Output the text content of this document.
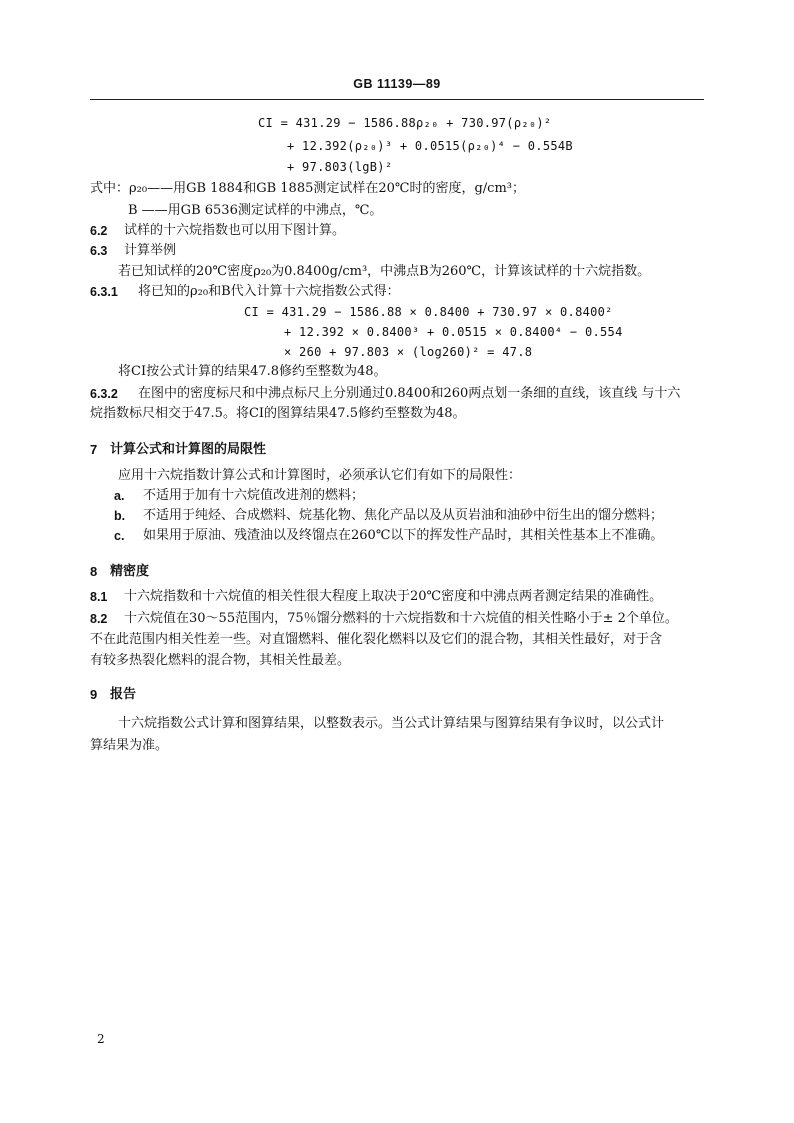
GB 11139—89
CI = 431.29 − 1586.88ρ₂₀ + 730.97(ρ₂₀)²
+ 12.392(ρ₂₀)³ + 0.0515(ρ₂₀)⁴ − 0.554B
+ 97.803(lgB)²
式中：ρ₂₀——用GB 1884和GB 1885测定试样在20℃时的密度，g/cm³；
B ——用GB 6536测定试样的中沸点，℃。
6.2 试样的十六烷指数也可以用下图计算。
6.3 计算举例
若已知试样的20℃密度ρ₂₀为0.8400g/cm³，中沸点B为260℃，计算该试样的十六烷指数。
6.3.1 将已知的ρ₂₀和B代入计算十六烷指数公式得：
CI = 431.29 − 1586.88 × 0.8400 + 730.97 × 0.8400²
+ 12.392 × 0.8400³ + 0.0515 × 0.8400⁴ − 0.554
× 260 + 97.803 × (log260)² = 47.8
将CI按公式计算的结果47.8修约至整数为48。
6.3.2 在图中的密度标尺和中沸点标尺上分别通过0.8400和260两点划一条细的直线，该直线 与十六
烷指数标尺相交于47.5。将CI的图算结果47.5修约至整数为48。
7 计算公式和计算图的局限性
应用十六烷指数计算公式和计算图时，必须承认它们有如下的局限性：
a. 不适用于加有十六烷值改进剂的燃料；
b. 不适用于纯烃、合成燃料、烷基化物、焦化产品以及从页岩油和油砂中衍生出的馏分燃料；
c. 如果用于原油、残渣油以及终馏点在260℃以下的挥发性产品时，其相关性基本上不准确。
8 精密度
8.1 十六烷指数和十六烷值的相关性很大程度上取决于20℃密度和中沸点两者测定结果的准确性。
8.2 十六烷值在30～55范围内，75％馏分燃料的十六烷指数和十六烷值的相关性略小于± 2个单位。
不在此范围内相关性差一些。对直馏燃料、催化裂化燃料以及它们的混合物，其相关性最好，对于含
有较多热裂化燃料的混合物，其相关性最差。
9 报告
十六烷指数公式计算和图算结果，以整数表示。当公式计算结果与图算结果有争议时，以公式计
算结果为准。
2
